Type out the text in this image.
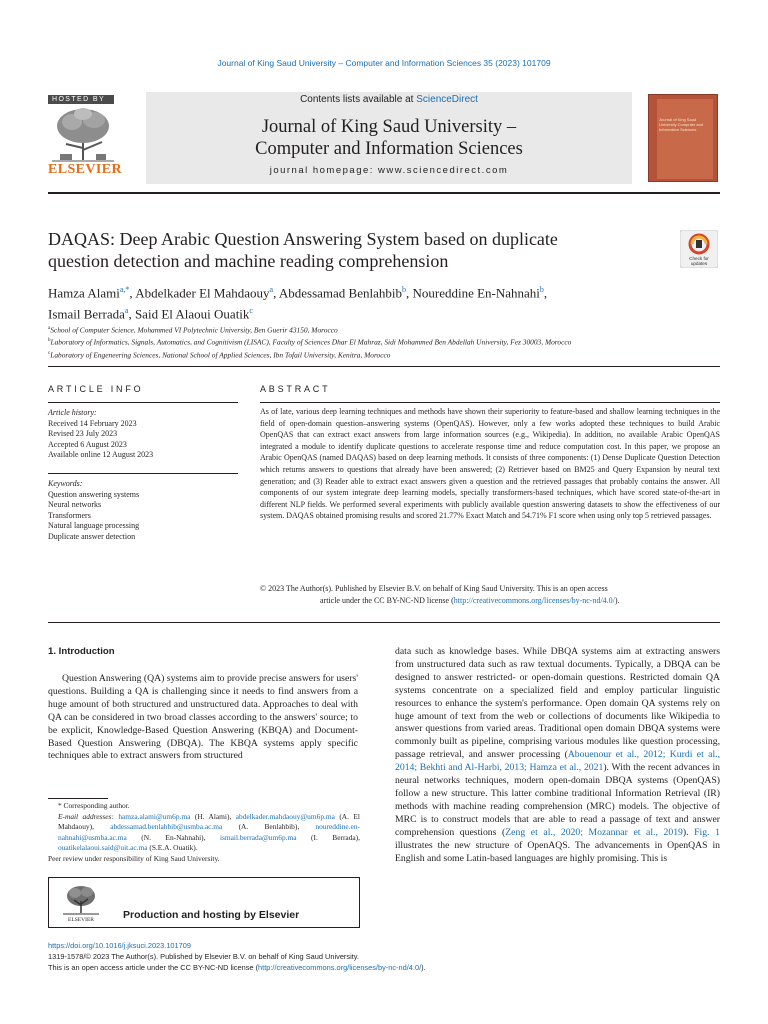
Journal of King Saud University – Computer and Information Sciences 35 (2023) 101709
HOSTED BY
ELSEVIER
Contents lists available at ScienceDirect
Journal of King Saud University –
Computer and Information Sciences
journal homepage: www.sciencedirect.com
Journal of King Saud University Computer and Information Sciences
DAQAS: Deep Arabic Question Answering System based on duplicate
question detection and machine reading comprehension	Check for
updates
Hamza Alami$^{a,*}$, Abdelkader El Mahdaouy$^a$, Abdessamad Benlahbib$^b$, Noureddine En-Nahnahi$^b$,
Ismail Berrada$^a$, Said El Alaoui Ouatik$^c$
$^a$School of Computer Science, Mohammed VI Polytechnic University, Ben Guerir 43150, Morocco
$^b$Laboratory of Informatics, Signals, Automatics, and Cognitivism (LISAC), Faculty of Sciences Dhar El Mahraz, Sidi Mohammed Ben Abdellah University, Fez 30003, Morocco
$^c$Laboratory of Engeneering Sciences, National School of Applied Sciences, Ibn Tofail University, Kenitra, Morocco
ARTICLE INFO	ABSTRACT
Article history:
Received 14 February 2023
Revised 23 July 2023
Accepted 6 August 2023
Available online 12 August 2023
Keywords:
Question answering systems
Neural networks
Transformers
Natural language processing
Duplicate answer detection
As of late, various deep learning techniques and methods have shown their superiority to feature-based and shallow learning techniques in the field of open-domain question–answering systems (OpenQAS). However, only a few works adopted these techniques to build Arabic OpenQAS that can extract exact answers from large information sources (e.g., Wikipedia). In addition, no available Arabic OpenQAS integrated a module to identify duplicate questions to accelerate response time and reduce computation cost. In this paper, we propose an Arabic OpenQAS (named DAQAS) based on deep learning methods. It consists of three components: (1) Dense Duplicate Question Detection which returns answers to questions that already have been answered; (2) Retriever based on BM25 and Query Expansion by neural text generation; and (3) Reader able to extract exact answers given a question and the retrieved passages that probably contains the answer. All components of our system integrate deep learning models, specially transformers-based techniques, which have scored state-of-the-art in different NLP fields. We performed several experiments with publicly available question answering datasets to show the effectiveness of our system. DAQAS obtained promising results and scored 21.77% Exact Match and 54.71% F1 score when using only top 5 retrieved passages.
© 2023 The Author(s). Published by Elsevier B.V. on behalf of King Saud University. This is an open access
article under the CC BY-NC-ND license (http://creativecommons.org/licenses/by-nc-nd/4.0/).
1. Introduction
Question Answering (QA) systems aim to provide precise answers for users' questions. Building a QA is challenging since it needs to find answers from a huge amount of both structured and unstructured data. Approaches to deal with QA can be considered in two broad classes according to the answers' source; to be explicit, Knowledge-Based Question Answering (KBQA) and Document-Based Question Answering (DBQA). The KBQA systems apply specific techniques able to extract answers from structured
data such as knowledge bases. While DBQA systems aim at extracting answers from unstructured data such as raw textual documents. Typically, a DBQA can be designed to answer restricted- or open-domain questions. Restricted domain QA systems concentrate on a specialized field and employ particular linguistic resources to enhance the system's performance. Open domain QA systems rely on huge amount of text from the web or collections of documents like Wikipedia to answer questions from varied areas. Traditional open domain DBQA systems were commonly built as pipeline, comprising various modules like question processing, passage retrieval, and answer processing (Abouenour et al., 2012; Kurdi et al., 2014; Bekhti and Al-Harbi, 2013; Hamza et al., 2021). With the recent advances in neural networks techniques, modern open-domain DBQA systems (OpenQAS) follow a new structure. This latter combine traditional Information Retrieval (IR) methods with machine reading comprehension (MRC) models. The objective of MRC is to construct models that are able to read a passage of text and answer comprehension questions (Zeng et al., 2020; Mozannar et al., 2019). Fig. 1 illustrates the new structure of OpenAQS. The advancements in OpenQAS in English and some Latin-based languages are highly promising. This is
* Corresponding author.
E-mail addresses: hamza.alami@um6p.ma (H. Alami), abdelkader.mahdaouy@um6p.ma (A. El Mahdaouy), abdessamad.benlahbib@usmba.ac.ma (A. Benlahbib), noureddine.en-nahnahi@usmba.ac.ma (N. En-Nahnahi), ismail.berrada@um6p.ma (I. Berrada), ouatikelalaoui.said@uit.ac.ma (S.E.A. Ouatik).
Peer review under responsibility of King Saud University.
ELSEVIER	Production and hosting by Elsevier
https://doi.org/10.1016/j.jksuci.2023.101709
1319-1578/© 2023 The Author(s). Published by Elsevier B.V. on behalf of King Saud University.
This is an open access article under the CC BY-NC-ND license (http://creativecommons.org/licenses/by-nc-nd/4.0/).
